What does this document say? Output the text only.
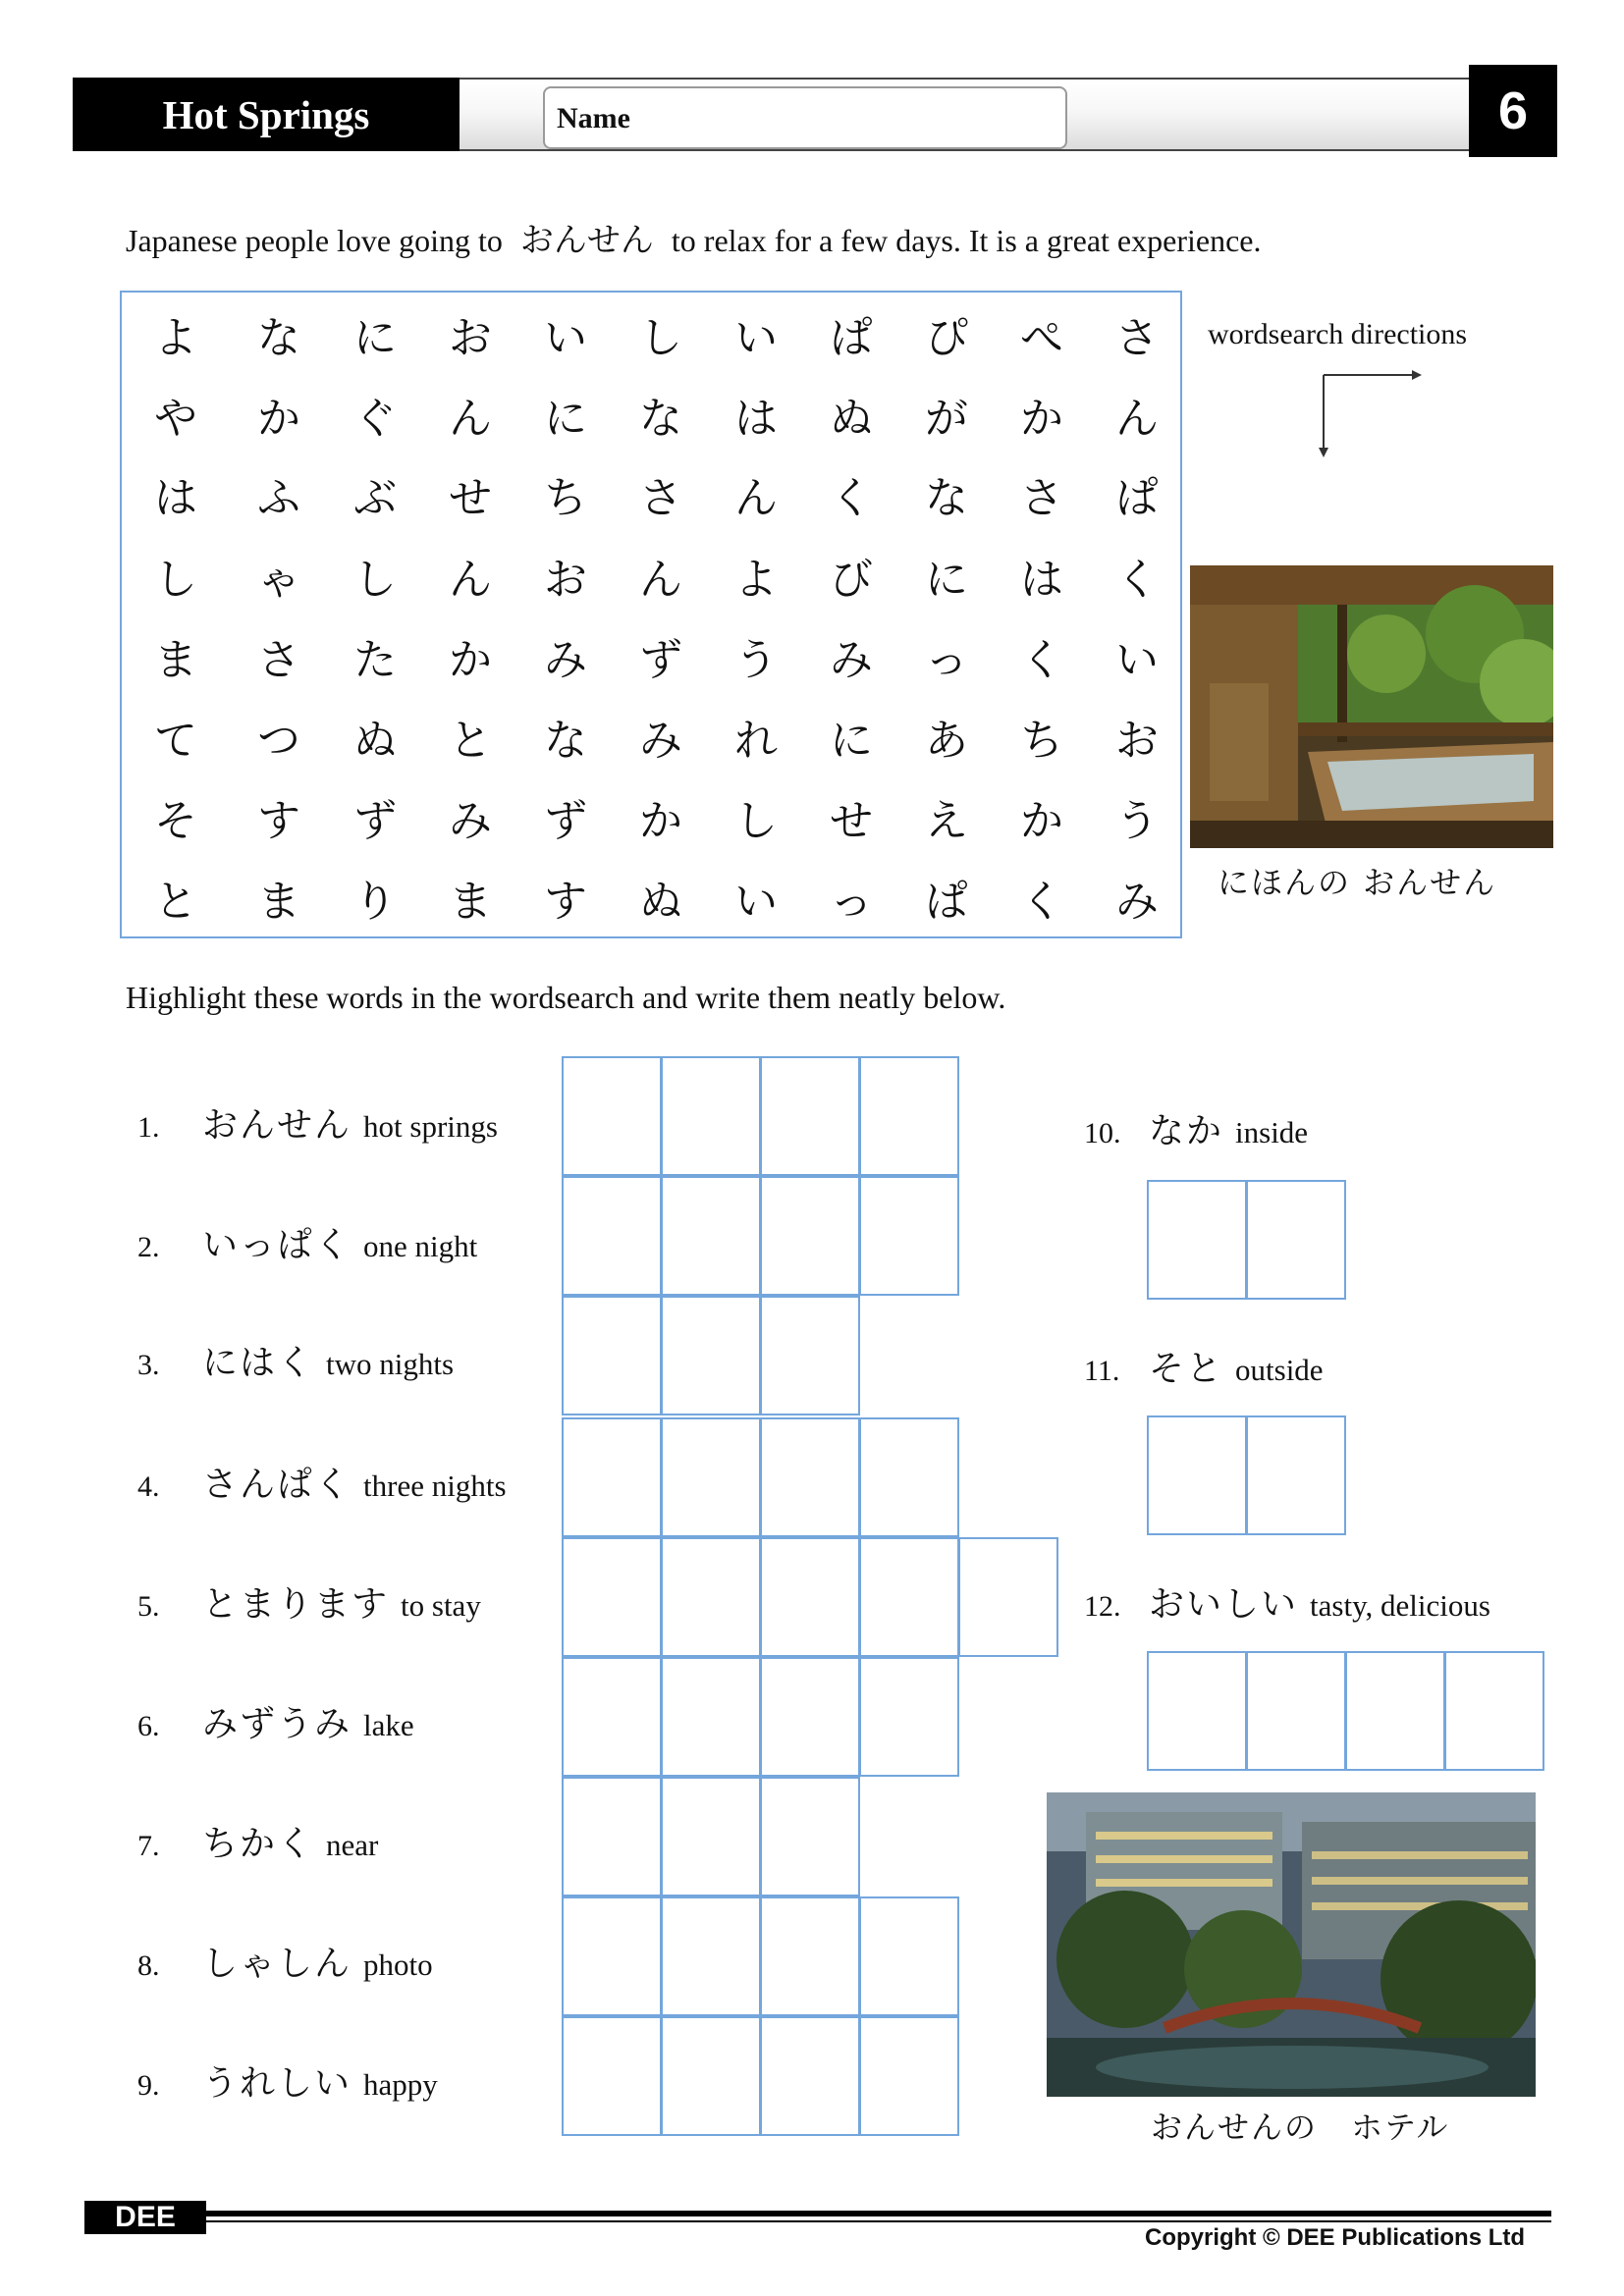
Hot Springs	Name	6
Japanese people love going to おんせん to relax for a few days. It is a great experience.
よ な に お い し い ぱ ぴ ぺ さ
や か ぐ ん に な は ぬ が か ん
は ふ ぶ せ ち さ ん く な さ ぱ
し ゃ し ん お ん よ び に は く
ま さ た か み ず う み っ く い
て つ ぬ と な み れ に あ ち お
そ す ず み ず か し せ え か う
と ま り ま す ぬ い っ ぱ く み
wordsearch directions
にほんの おんせん
Highlight these words in the wordsearch and write them neatly below.
1. おんせん hot springs
2. いっぱく one night
3. にはく two nights
4. さんぱく three nights
5. とまります to stay
6. みずうみ lake
7. ちかく near
8. しゃしん photo
9. うれしい happy
10. なか inside
11. そと outside
12. おいしい tasty, delicious
おんせんの　ホテル
DEE
Copyright © DEE Publications Ltd
